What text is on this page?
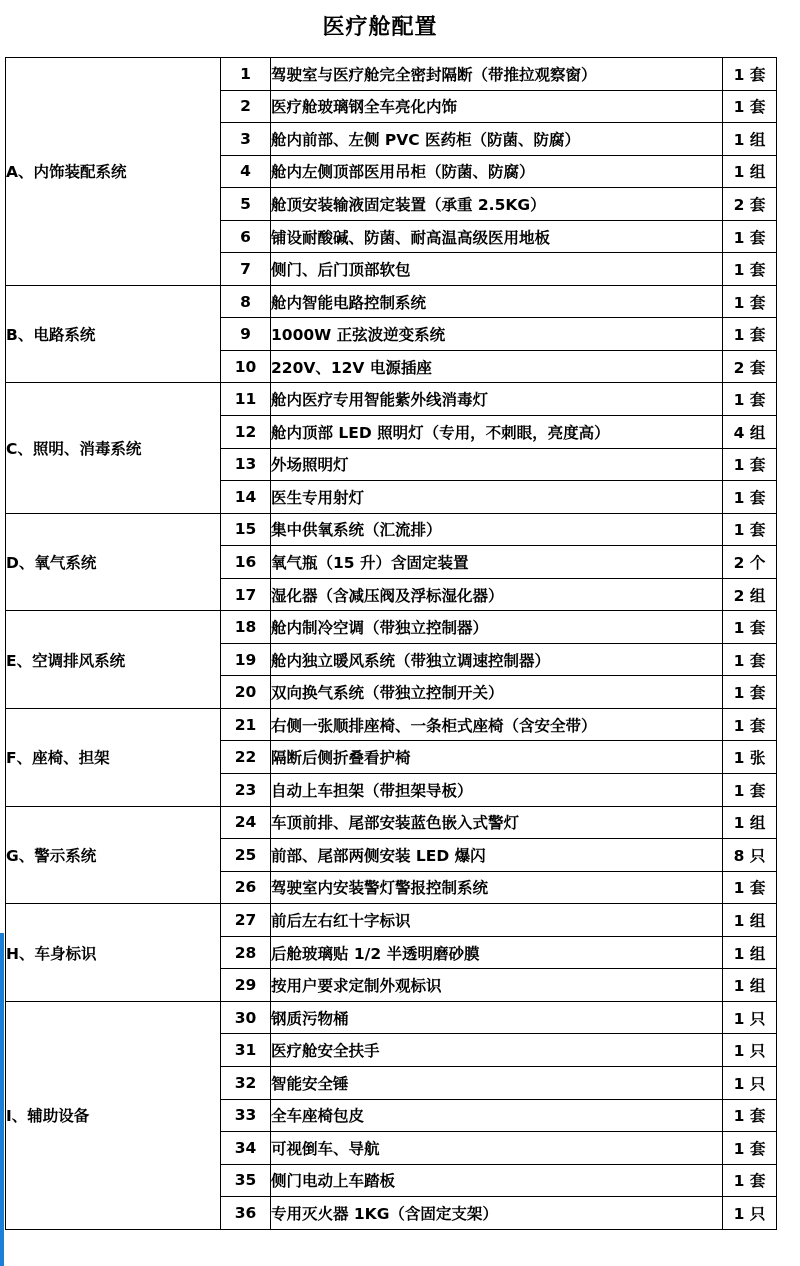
医疗舱配置
A、内饰装配系统	1	驾驶室与医疗舱完全密封隔断（带推拉观察窗）	1 套
	2	医疗舱玻璃钢全车亮化内饰	1 套
	3	舱内前部、左侧 PVC 医药柜（防菌、防腐）	1 组
	4	舱内左侧顶部医用吊柜（防菌、防腐）	1 组
	5	舱顶安装输液固定装置（承重 2.5KG）	2 套
	6	铺设耐酸碱、防菌、耐高温高级医用地板	1 套
	7	侧门、后门顶部软包	1 套
B、电路系统	8	舱内智能电路控制系统	1 套
	9	1000W 正弦波逆变系统	1 套
	10	220V、12V 电源插座	2 套
C、照明、消毒系统	11	舱内医疗专用智能紫外线消毒灯	1 套
	12	舱内顶部 LED 照明灯（专用，不刺眼，亮度高）	4 组
	13	外场照明灯	1 套
	14	医生专用射灯	1 套
D、氧气系统	15	集中供氧系统（汇流排）	1 套
	16	氧气瓶（15 升）含固定装置	2 个
	17	湿化器（含减压阀及浮标湿化器）	2 组
E、空调排风系统	18	舱内制冷空调（带独立控制器）	1 套
	19	舱内独立暖风系统（带独立调速控制器）	1 套
	20	双向换气系统（带独立控制开关）	1 套
F、座椅、担架	21	右侧一张顺排座椅、一条柜式座椅（含安全带）	1 套
	22	隔断后侧折叠看护椅	1 张
	23	自动上车担架（带担架导板）	1 套
G、警示系统	24	车顶前排、尾部安装蓝色嵌入式警灯	1 组
	25	前部、尾部两侧安装 LED 爆闪	8 只
	26	驾驶室内安装警灯警报控制系统	1 套
H、车身标识	27	前后左右红十字标识	1 组
	28	后舱玻璃贴 1/2 半透明磨砂膜	1 组
	29	按用户要求定制外观标识	1 组
I、辅助设备	30	钢质污物桶	1 只
	31	医疗舱安全扶手	1 只
	32	智能安全锤	1 只
	33	全车座椅包皮	1 套
	34	可视倒车、导航	1 套
	35	侧门电动上车踏板	1 套
	36	专用灭火器 1KG（含固定支架）	1 只
